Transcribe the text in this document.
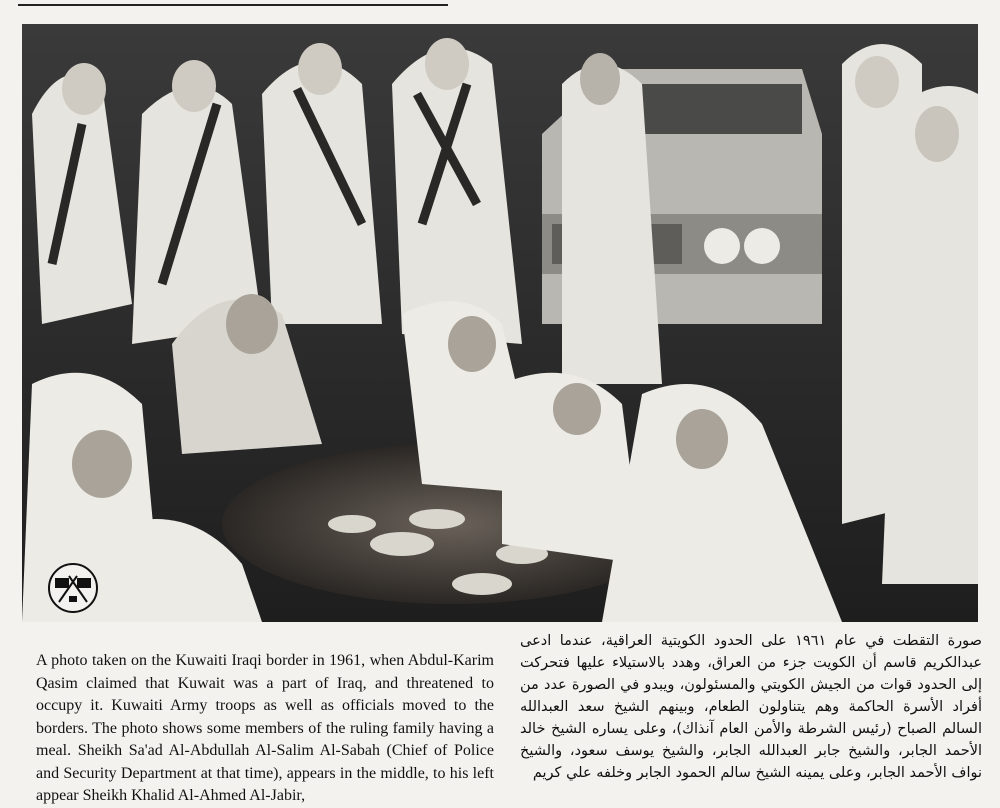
A photo taken on the Kuwaiti Iraqi border in 1961, when Abdul-Karim Qasim claimed that Kuwait was a part of Iraq, and threatened to occupy it. Kuwaiti Army troops as well as officials moved to the borders. The photo shows some members of the ruling family having a meal. Sheikh Sa'ad Al-Abdullah Al-Salim Al-Sabah (Chief of Police and Security Department at that time), appears in the middle, to his left appear Sheikh Khalid Al-Ahmed Al-Jabir,
صورة التقطت في عام ١٩٦١ على الحدود الكويتية العراقية، عندما ادعى عبدالكريم قاسم أن الكويت جزء من العراق، وهدد بالاستيلاء عليها فتحركت إلى الحدود قوات من الجيش الكويتي والمسئولون، ويبدو في الصورة عدد من أفراد الأسرة الحاكمة وهم يتناولون الطعام، وبينهم الشيخ سعد العبدالله السالم الصباح (رئيس الشرطة والأمن العام آنذاك)، وعلى يساره الشيخ خالد الأحمد الجابر، والشيخ جابر العبدالله الجابر، والشيخ يوسف سعود، والشيخ نواف الأحمد الجابر، وعلى يمينه الشيخ سالم الحمود الجابر وخلفه علي كريم
